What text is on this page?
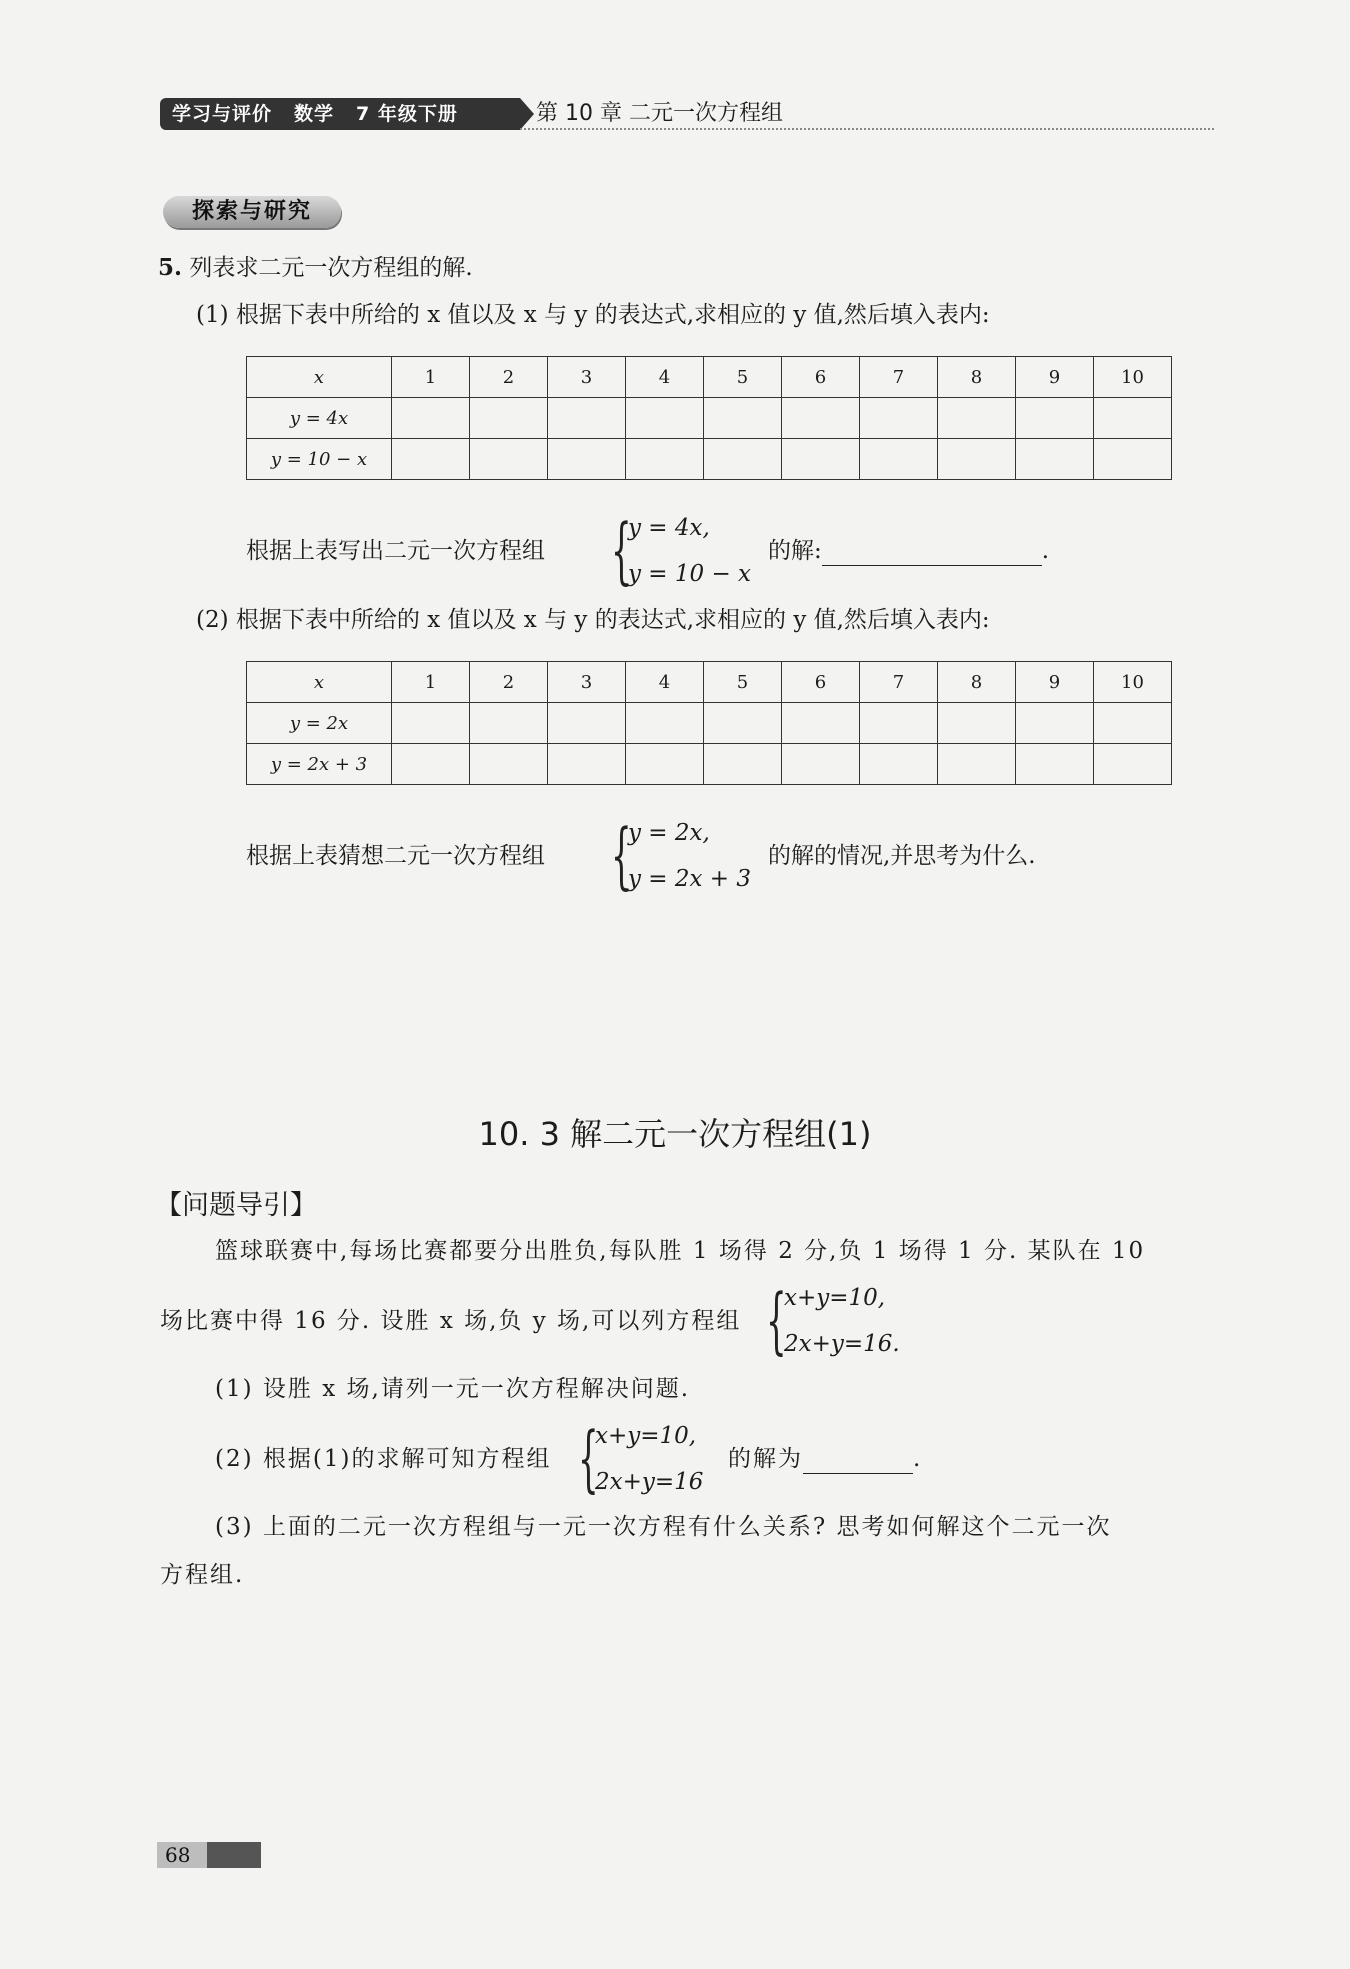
学习与评价 数学 7 年级下册	第 10 章 二元一次方程组
探索与研究
5. 列表求二元一次方程组的解.
(1) 根据下表中所给的 x 值以及 x 与 y 的表达式,求相应的 y 值,然后填入表内:
x	1	2	3	4	5	6	7	8	9	10
y = 4x										
y = 10 − x										
根据上表写出二元一次方程组 {
y = 4x,
y = 10 − x
的解:	.
(2) 根据下表中所给的 x 值以及 x 与 y 的表达式,求相应的 y 值,然后填入表内:
x	1	2	3	4	5	6	7	8	9	10
y = 2x										
y = 2x + 3										
根据上表猜想二元一次方程组 {
y = 2x,
y = 2x + 3
的解的情况,并思考为什么.
10. 3 解二元一次方程组(1)
【问题导引】
篮球联赛中,每场比赛都要分出胜负,每队胜 1 场得 2 分,负 1 场得 1 分. 某队在 10
场比赛中得 16 分. 设胜 x 场,负 y 场,可以列方程组 {
x+y=10,
2x+y=16.
(1) 设胜 x 场,请列一元一次方程解决问题.
(2) 根据(1)的求解可知方程组 {
x+y=10,
2x+y=16
的解为	.
(3) 上面的二元一次方程组与一元一次方程有什么关系? 思考如何解这个二元一次
方程组.
68
